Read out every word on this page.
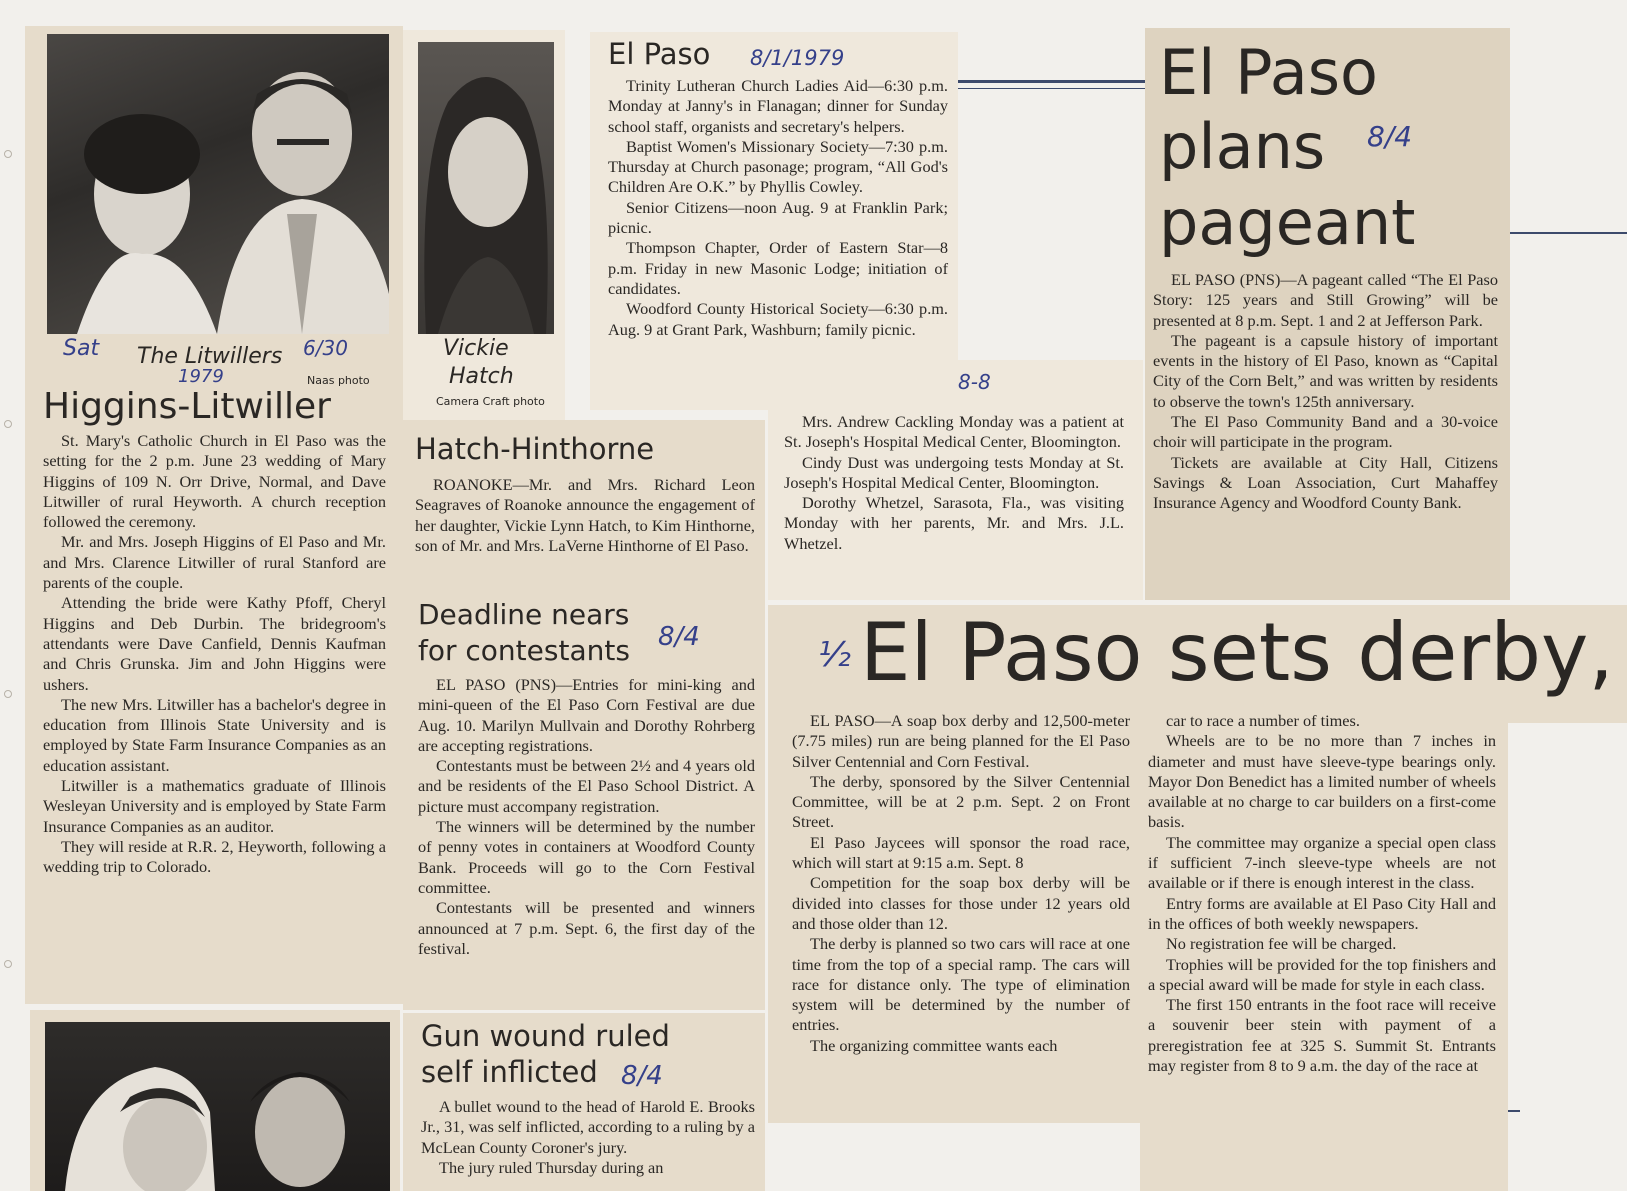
Sat The Litwillers 6/30
1979	Naas photo
Higgins-Litwiller

St. Mary's Catholic Church in El Paso was the setting for the 2 p.m. June 23 wedding of Mary Higgins of 109 N. Orr Drive, Normal, and Dave Litwiller of rural Heyworth. A church reception followed the ceremony.

Mr. and Mrs. Joseph Higgins of El Paso and Mr. and Mrs. Clarence Litwiller of rural Stanford are parents of the couple.

Attending the bride were Kathy Pfoff, Cheryl Higgins and Deb Durbin. The bridegroom's attendants were Dave Canfield, Dennis Kaufman and Chris Grunska. Jim and John Higgins were ushers.

The new Mrs. Litwiller has a bachelor's degree in education from Illinois State University and is employed by State Farm Insurance Companies as an education assistant.

Litwiller is a mathematics graduate of Illinois Wesleyan University and is employed by State Farm Insurance Companies as an auditor.

They will reside at R.R. 2, Heyworth, following a wedding trip to Colorado.

Vickie
Hatch
Camera Craft photo
Hatch-Hinthorne

ROANOKE—Mr. and Mrs. Richard Leon Seagraves of Roanoke announce the engagement of her daughter, Vickie Lynn Hatch, to Kim Hinthorne, son of Mr. and Mrs. LaVerne Hinthorne of El Paso.

El Paso 8/1/1979

Trinity Lutheran Church Ladies Aid—6:30 p.m. Monday at Janny's in Flanagan; dinner for Sunday school staff, organists and secretary's helpers.

Baptist Women's Missionary Society—7:30 p.m. Thursday at Church pasonage; program, “All God's Children Are O.K.” by Phyllis Cowley.

Senior Citizens—noon Aug. 9 at Franklin Park; picnic.

Thompson Chapter, Order of Eastern Star—8 p.m. Friday in new Masonic Lodge; initiation of candidates.

Woodford County Historical Society—6:30 p.m. Aug. 9 at Grant Park, Washburn; family picnic.

8-8

Mrs. Andrew Cackling Monday was a patient at St. Joseph's Hospital Medical Center, Bloomington.

Cindy Dust was undergoing tests Monday at St. Joseph's Hospital Medical Center, Bloomington.

Dorothy Whetzel, Sarasota, Fla., was visiting Monday with her parents, Mr. and Mrs. J.L. Whetzel.

El Paso
plans 8/4
pageant

EL PASO (PNS)—A pageant called “The El Paso Story: 125 years and Still Growing” will be presented at 8 p.m. Sept. 1 and 2 at Jefferson Park.

The pageant is a capsule history of important events in the history of El Paso, known as “Capital City of the Corn Belt,” and was written by residents to observe the town's 125th anniversary.

The El Paso Community Band and a 30-voice choir will participate in the program.

Tickets are available at City Hall, Citizens Savings & Loan Association, Curt Mahaffey Insurance Agency and Woodford County Bank.

Deadline nears
for contestants 8/4

EL PASO (PNS)—Entries for mini-king and mini-queen of the El Paso Corn Festival are due Aug. 10. Marilyn Mullvain and Dorothy Rohrberg are accepting registrations.

Contestants must be between 2½ and 4 years old and be residents of the El Paso School District. A picture must accompany registration.

The winners will be determined by the number of penny votes in containers at Woodford County Bank. Proceeds will go to the Corn Festival committee.

Contestants will be presented and winners announced at 7 p.m. Sept. 6, the first day of the festival.

½ El Paso sets derby,

EL PASO—A soap box derby and 12,500-meter (7.75 miles) run are being planned for the El Paso Silver Centennial and Corn Festival.

The derby, sponsored by the Silver Centennial Committee, will be at 2 p.m. Sept. 2 on Front Street.

El Paso Jaycees will sponsor the road race, which will start at 9:15 a.m. Sept. 8

Competition for the soap box derby will be divided into classes for those under 12 years old and those older than 12.

The derby is planned so two cars will race at one time from the top of a special ramp. The cars will race for distance only. The type of elimination system will be determined by the number of entries.

The organizing committee wants each

car to race a number of times.

Wheels are to be no more than 7 inches in diameter and must have sleeve-type bearings only. Mayor Don Benedict has a limited number of wheels available at no charge to car builders on a first-come basis.

The committee may organize a special open class if sufficient 7-inch sleeve-type wheels are not available or if there is enough interest in the class.

Entry forms are available at El Paso City Hall and in the offices of both weekly newspapers.

No registration fee will be charged.

Trophies will be provided for the top finishers and a special award will be made for style in each class.

The first 150 entrants in the foot race will receive a souvenir beer stein with payment of a preregistration fee at 325 S. Summit St. Entrants may register from 8 to 9 a.m. the day of the race at

Gun wound ruled
self inflicted 8/4

A bullet wound to the head of Harold E. Brooks Jr., 31, was self inflicted, according to a ruling by a McLean County Coroner's jury.

The jury ruled Thursday during an
